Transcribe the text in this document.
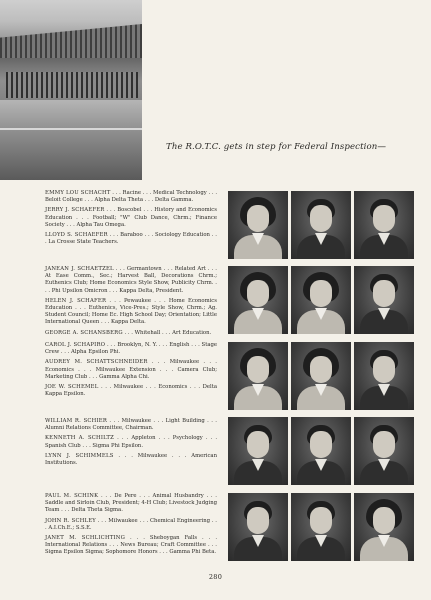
The R.O.T.C. gets in step for Federal Inspection—
EMMY LOU SCHACHT . . . Racine . . . Medical Technology . . . Beloit College . . . Alpha Delta Theta . . . Delta Gamma.
JERRY J. SCHAEFER . . . Boscobel . . . History and Economics Education . . . Football; "W" Club Dance, Chrm.; Finance Society . . . Alpha Tau Omega.
LLOYD S. SCHAEFER . . . Baraboo . . . Sociology Education . . . La Crosse State Teachers.
JANEAN J. SCHAETZEL . . . Germantown . . . Related Art . . . At Ease Comm., Sec.; Harvest Ball, Decorations Chrm.; Euthenics Club; Home Economics Style Show, Publicity Chrm. . . . Phi Upsilon Omicron . . . Kappa Delta, President.
HELEN J. SCHAFER . . . Pewaukee . . . Home Economics Education . . . Euthenics, Vice-Pres.; Style Show, Chrm.; Ag. Student Council; Home Ec. High School Day; Orientation; Little International Queen . . . Kappa Delta.
GEORGE A. SCHANSBERG . . . Whitehall . . . Art Education.
CAROL J. SCHAPIRO . . . Brooklyn, N. Y. . . . English . . . Stage Crew . . . Alpha Epsilon Phi.
AUDREY M. SCHATTSCHNEIDER . . . Milwaukee . . . Economics . . . Milwaukee Extension . . . Camera Club; Marketing Club . . . Gamma Alpha Chi.
JOE W. SCHEMEL . . . Milwaukee . . . Economics . . . Delta Kappa Epsilon.
WILLIAM R. SCHIER . . . Milwaukee . . . Light Building . . . Alumni Relations Committee, Chairman.
KENNETH A. SCHILTZ . . . Appleton . . . Psychology . . . Spanish Club . . . Sigma Phi Epsilon.
LYNN J. SCHIMMELS . . . Milwaukee . . . American Institutions.
PAUL M. SCHINK . . . De Pere . . . Animal Husbandry . . . Saddle and Sirloin Club, President; 4-H Club; Livestock Judging Team . . . Delta Theta Sigma.
JOHN R. SCHLEY . . . Milwaukee . . . Chemical Engineering . . . A.I.Ch.E.; S.S.E.
JANET M. SCHLICHTING . . . Sheboygan Falls . . . International Relations . . . News Bureau; Craft Committee . . . Sigma Epsilon Sigma; Sophomore Honors . . . Gamma Phi Beta.
280
